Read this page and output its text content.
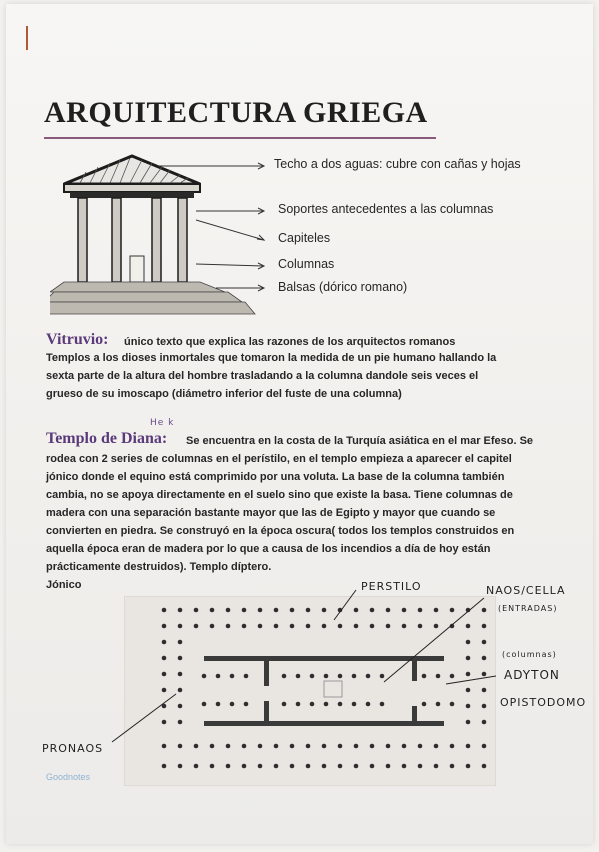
ARQUITECTURA GRIEGA
Techo a dos aguas: cubre con cañas y hojas
Soportes antecedentes a las columnas
Capiteles
Columnas
Balsas (dórico romano)
Vitruvio: único texto que explica las razones de los arquitectos romanos
Templos a los dioses inmortales que tomaron la medida de un pie humano hallando la
sexta parte de la altura del hombre trasladando a la columna dandole seis veces el
grueso de su imoscapo (diámetro inferior del fuste de una columna)
Templo de Diana:
He k
Se encuentra en la costa de la Turquía asiática en el mar Efeso. Se
rodea con 2 series de columnas en el perístilo, en el templo empieza a aparecer el capitel
jónico donde el equino está comprimido por una voluta. La base de la columna también
cambia, no se apoya directamente en el suelo sino que existe la basa. Tiene columnas de
madera con una separación bastante mayor que las de Egipto y mayor que cuando se
convierten en piedra. Se construyó en la época oscura( todos los templos construidos en
aquella época eran de madera por lo que a causa de los incendios a día de hoy están
prácticamente destruidos). Templo díptero.
Jónico	PERSTILO	NAOS/CELLA
(ENTRADAS)
(columnas)
ADYTON
OPISTODOMO
PRONAOS
Goodnotes
